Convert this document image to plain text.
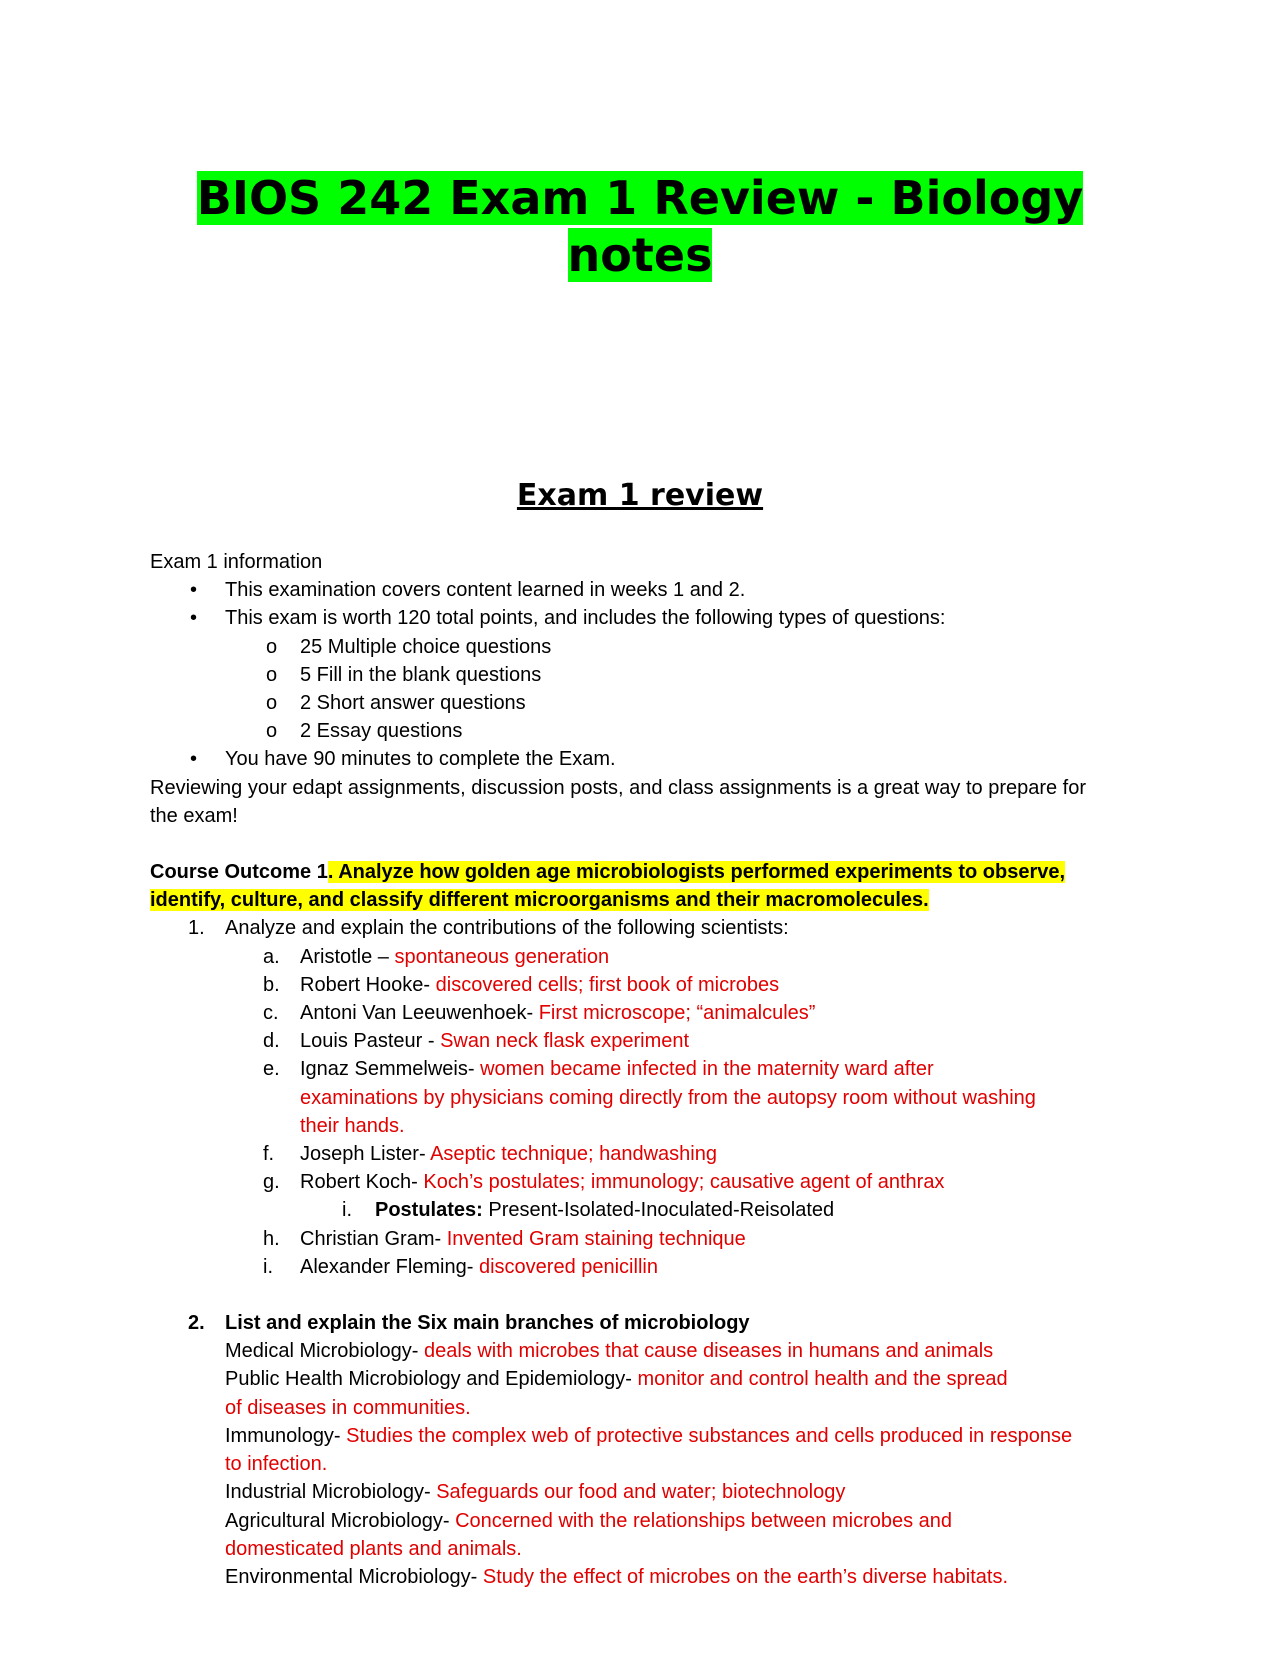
BIOS 242 Exam 1 Review - Biology
notes
Exam 1 review
Exam 1 information
• This examination covers content learned in weeks 1 and 2.
• This exam is worth 120 total points, and includes the following types of questions:
o 25 Multiple choice questions
o 5 Fill in the blank questions
o 2 Short answer questions
o 2 Essay questions
• You have 90 minutes to complete the Exam.
Reviewing your edapt assignments, discussion posts, and class assignments is a great way to prepare for
the exam!
Course Outcome 1. Analyze how golden age microbiologists performed experiments to observe,
identify, culture, and classify different microorganisms and their macromolecules.
1. Analyze and explain the contributions of the following scientists:
a. Aristotle – spontaneous generation
b. Robert Hooke- discovered cells; first book of microbes
c. Antoni Van Leeuwenhoek- First microscope; “animalcules”
d. Louis Pasteur - Swan neck flask experiment
e. Ignaz Semmelweis- women became infected in the maternity ward after
examinations by physicians coming directly from the autopsy room without washing
their hands.
f. Joseph Lister- Aseptic technique; handwashing
g. Robert Koch- Koch’s postulates; immunology; causative agent of anthrax
i. Postulates: Present-Isolated-Inoculated-Reisolated
h. Christian Gram- Invented Gram staining technique
i. Alexander Fleming- discovered penicillin
2. List and explain the Six main branches of microbiology
Medical Microbiology- deals with microbes that cause diseases in humans and animals
Public Health Microbiology and Epidemiology- monitor and control health and the spread
of diseases in communities.
Immunology- Studies the complex web of protective substances and cells produced in response
to infection.
Industrial Microbiology- Safeguards our food and water; biotechnology
Agricultural Microbiology- Concerned with the relationships between microbes and
domesticated plants and animals.
Environmental Microbiology- Study the effect of microbes on the earth’s diverse habitats.
